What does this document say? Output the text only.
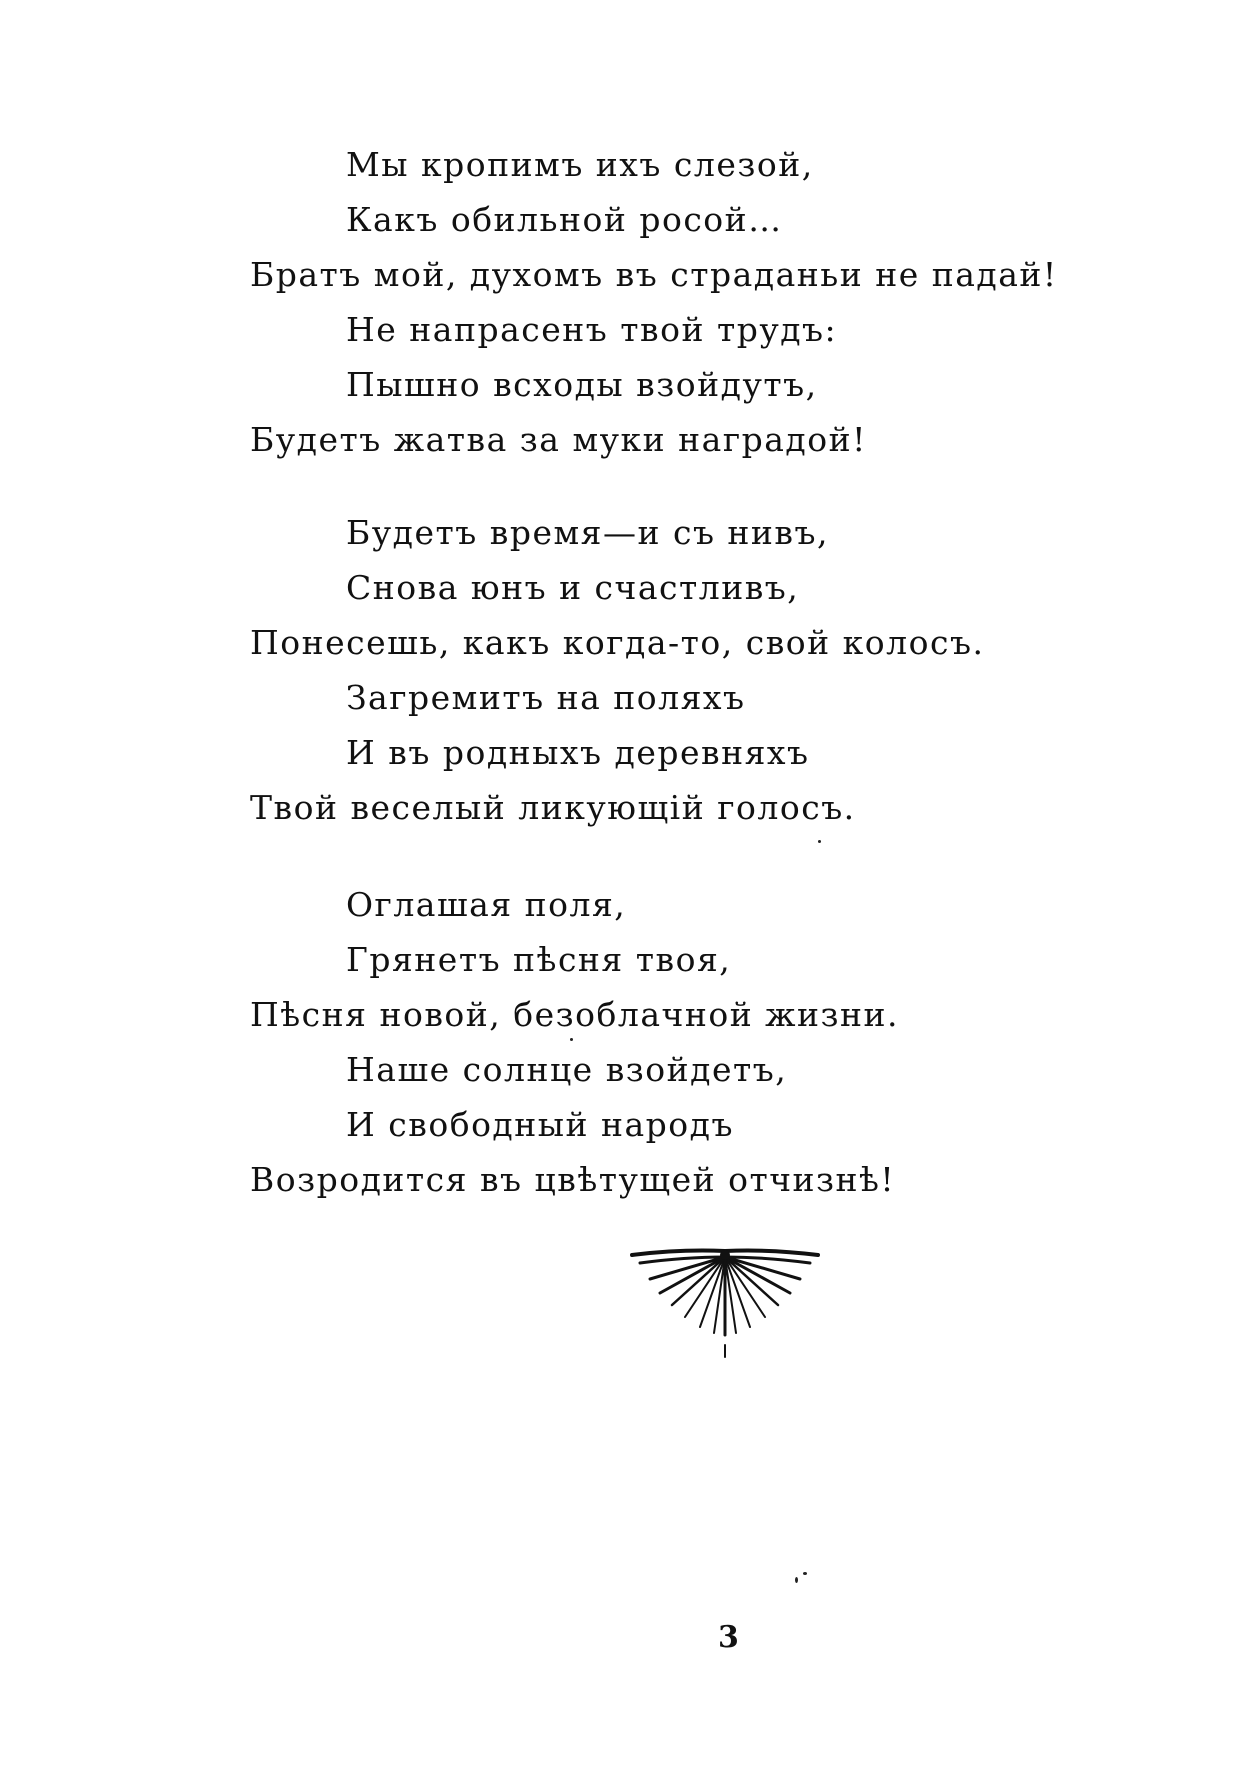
Мы кропимъ ихъ слезой,
Какъ обильной росой…
Братъ мой, духомъ въ страданьи не падай!
Не напрасенъ твой трудъ:
Пышно всходы взойдутъ,
Будетъ жатва за муки наградой!
Будетъ время—и съ нивъ,
Снова юнъ и счастливъ,
Понесешь, какъ когда-то, свой колосъ.
Загремитъ на поляхъ
И въ родныхъ деревняхъ
Твой веселый ликующій голосъ.
Оглашая поля,
Грянетъ пѣсня твоя,
Пѣсня новой, безоблачной жизни.
Наше солнце взойдетъ,
И свободный народъ
Возродится въ цвѣтущей отчизнѣ!
3
